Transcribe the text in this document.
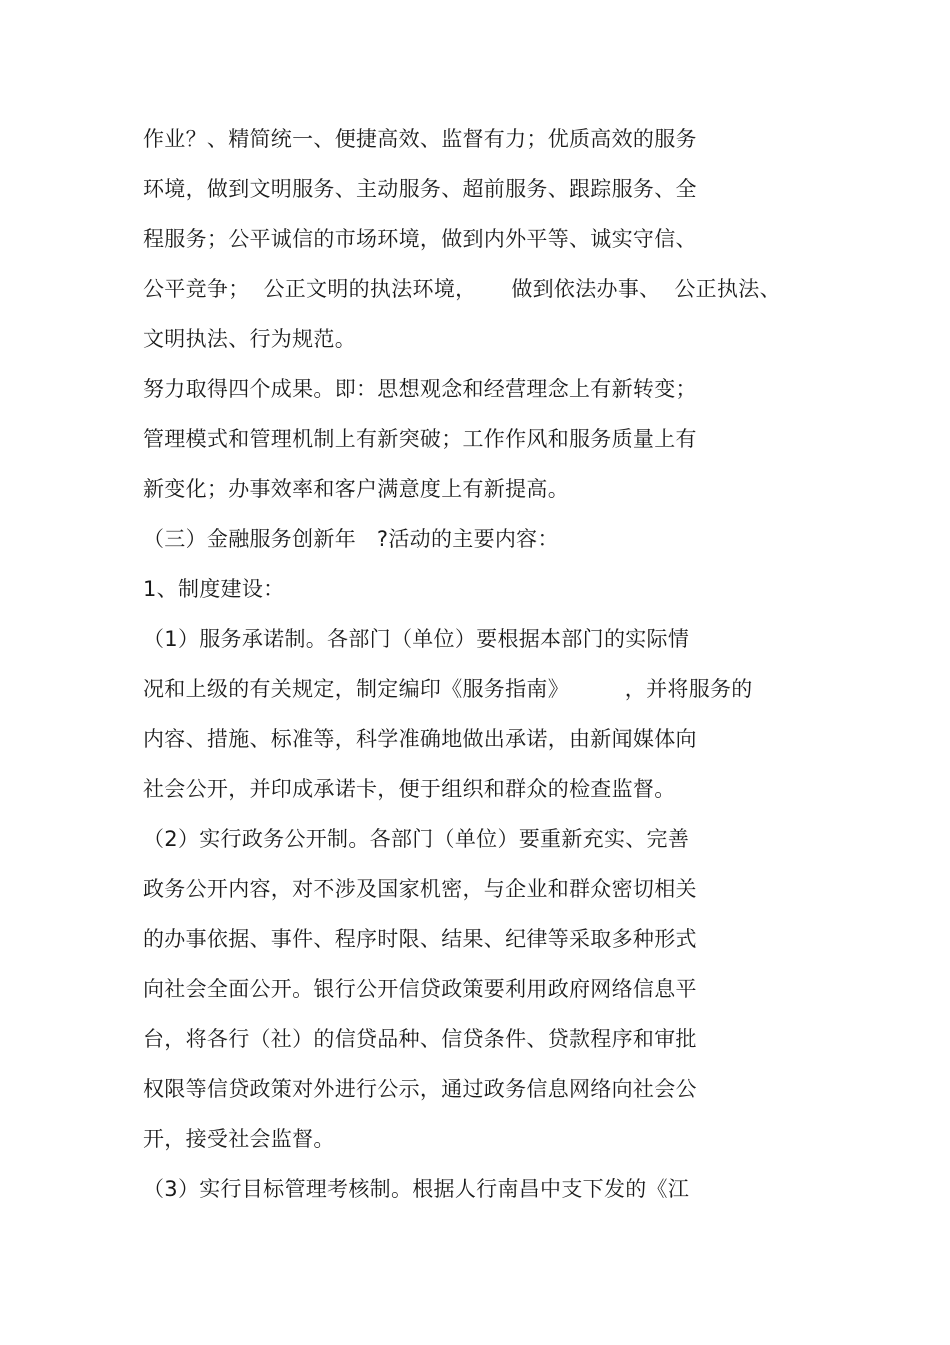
作业？、精简统一、便捷高效、监督有力；优质高效的服务
环境，做到文明服务、主动服务、超前服务、跟踪服务、全
程服务；公平诚信的市场环境，做到内外平等、诚实守信、
公平竞争；  公正文明的执法环境，     做到依法办事、  公正执法、
文明执法、行为规范。
努力取得四个成果。即：思想观念和经营理念上有新转变；
管理模式和管理机制上有新突破；工作作风和服务质量上有
新变化；办事效率和客户满意度上有新提高。
（三）金融服务创新年   ?活动的主要内容：
1、制度建设：
（1）服务承诺制。各部门（单位）要根据本部门的实际情
况和上级的有关规定，制定编印《服务指南》        ，并将服务的
内容、措施、标准等，科学准确地做出承诺，由新闻媒体向
社会公开，并印成承诺卡，便于组织和群众的检查监督。
（2）实行政务公开制。各部门（单位）要重新充实、完善
政务公开内容，对不涉及国家机密，与企业和群众密切相关
的办事依据、事件、程序时限、结果、纪律等采取多种形式
向社会全面公开。银行公开信贷政策要利用政府网络信息平
台，将各行（社）的信贷品种、信贷条件、贷款程序和审批
权限等信贷政策对外进行公示，通过政务信息网络向社会公
开，接受社会监督。
（3）实行目标管理考核制。根据人行南昌中支下发的《江
